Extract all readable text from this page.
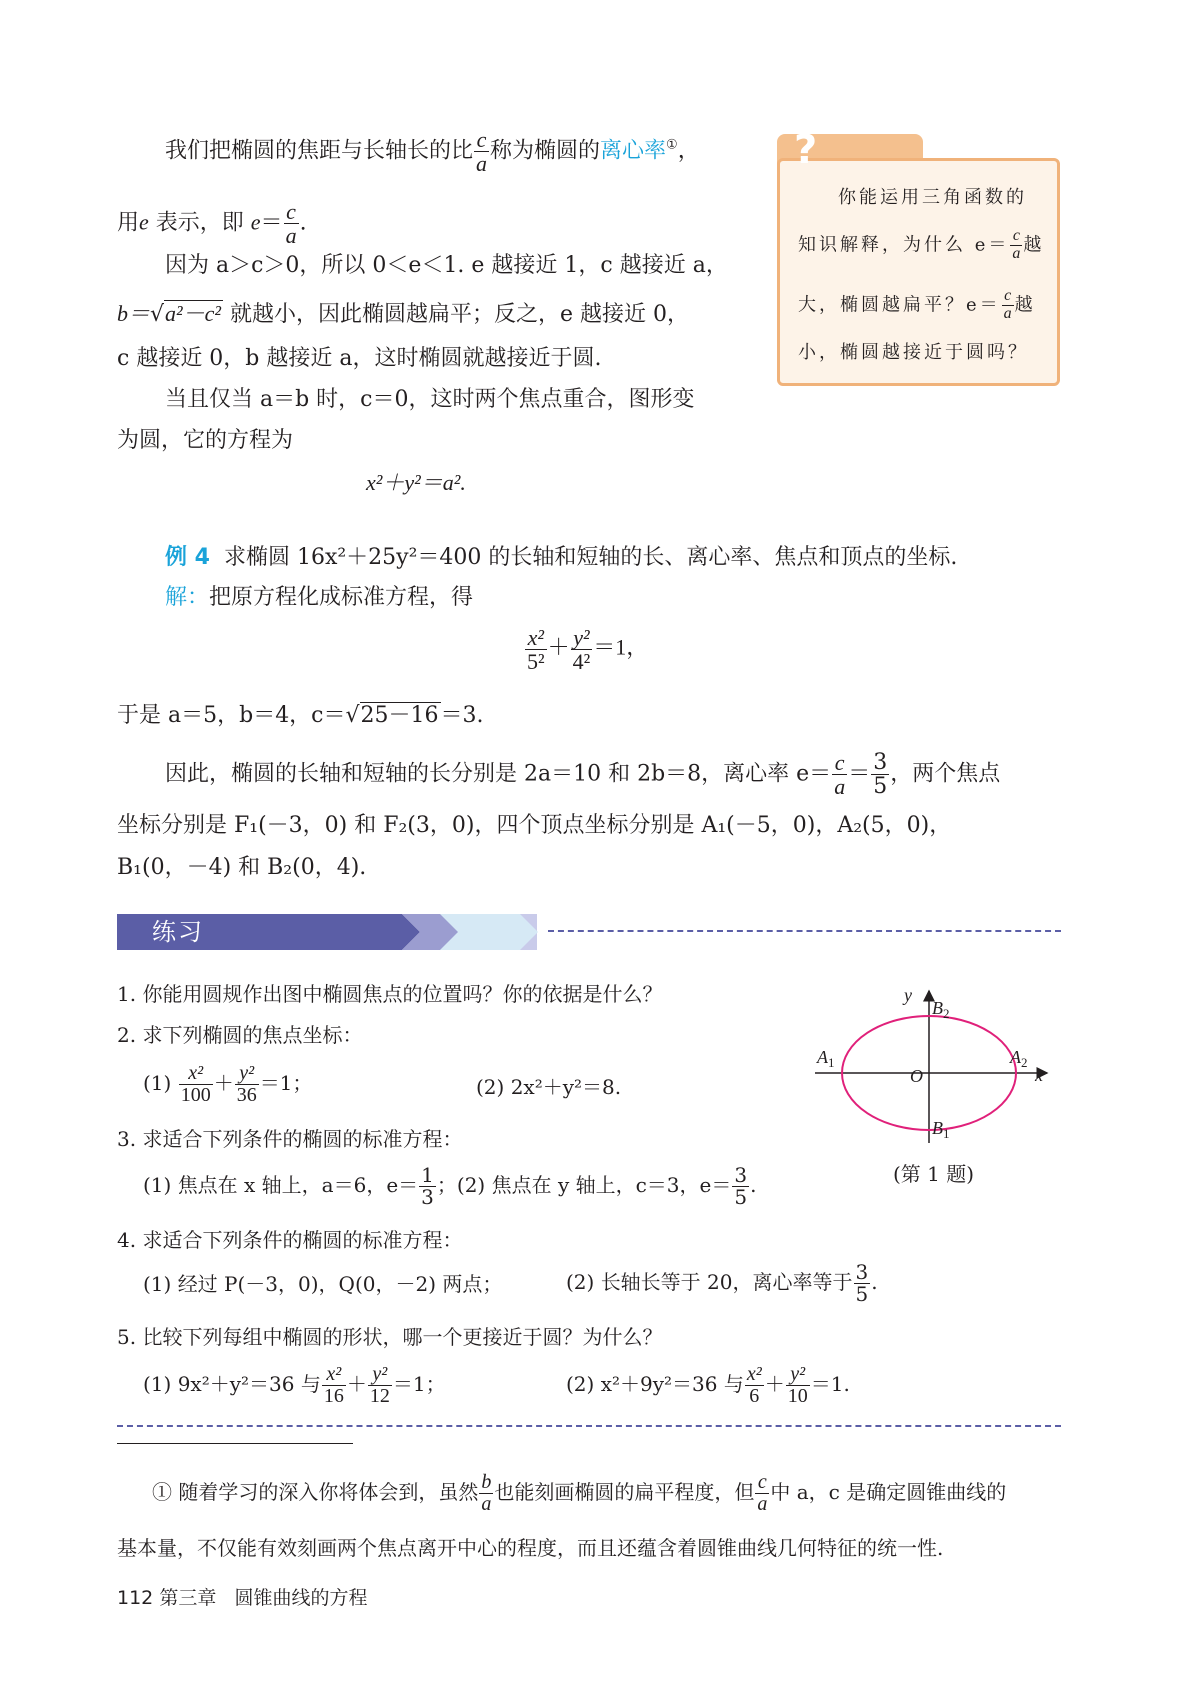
我们把椭圆的焦距与长轴长的比 $\frac{c}{a}$ 称为椭圆的离心率①，
用e 表示，即 $e= \frac{c}{a}$ .
因为 a＞c＞0，所以 0＜e＜1. e 越接近 1，c 越接近 a，
b＝√a²－c² 就越小，因此椭圆越扁平；反之，e 越接近 0，
c 越接近 0，b 越接近 a，这时椭圆就越接近于圆.
当且仅当 a＝b 时，c＝0，这时两个焦点重合，图形变
为圆，它的方程为
x²＋y²＝a².
?
你能运用三角函数的
知识解释，为什么 $e= \frac{c}{a}$ 越
大，椭圆越扁平？$e= \frac{c}{a}$ 越
小，椭圆越接近于圆吗？
例 4 求椭圆 16x²＋25y²＝400 的长轴和短轴的长、离心率、焦点和顶点的坐标.
解：把原方程化成标准方程，得
$\frac{\text{x²}}{\text{5²}} + \frac{\text{y²}}{\text{4²}} =1$，
于是 a＝5，b＝4，c＝√25－16＝3.
因此，椭圆的长轴和短轴的长分别是 2a＝10 和 2b＝8，离心率 $e= \frac{c}{a} = \frac{3}{5}$ ，两个焦点
坐标分别是 F₁(－3，0) 和 F₂(3，0)，四个顶点坐标分别是 A₁(－5，0)，A₂(5，0)，
B₁(0，－4) 和 B₂(0，4).
练习
1. 你能用圆规作出图中椭圆焦点的位置吗？你的依据是什么？
2. 求下列椭圆的焦点坐标：
$(1) \frac{\text{x²}}{100} + \frac{\text{y²}}{36} =1$；	(2) 2x²＋y²＝8.
3. 求适合下列条件的椭圆的标准方程：
(1) 焦点在 x 轴上，a＝6，$e= \frac{1}{3}$ ；(2) 焦点在 y 轴上，c＝3，$e= \frac{3}{5}$ .
4. 求适合下列条件的椭圆的标准方程：
(1) 经过 P(－3，0)，Q(0，－2) 两点；	(2) 长轴长等于 20，离心率等于 $\frac{3}{5}$ .
5. 比较下列每组中椭圆的形状，哪一个更接近于圆？为什么？
(1) 9x²＋y²＝36 与 $\frac{\text{x²}}{16} + \frac{\text{y²}}{12} =1$；	(2) x²＋9y²＝36 与 $\frac{\text{x²}}{6} + \frac{\text{y²}}{10} =1$.
y
x
O
$B_2$
$B_1$
$A_1$	$A_2$
(第 1 题)
① 随着学习的深入你将体会到，虽然 $\frac{b}{a}$ 也能刻画椭圆的扁平程度，但 $\frac{c}{a}$ 中 a，c 是确定圆锥曲线的
基本量，不仅能有效刻画两个焦点离开中心的程度，而且还蕴含着圆锥曲线几何特征的统一性.
112 第三章 圆锥曲线的方程
